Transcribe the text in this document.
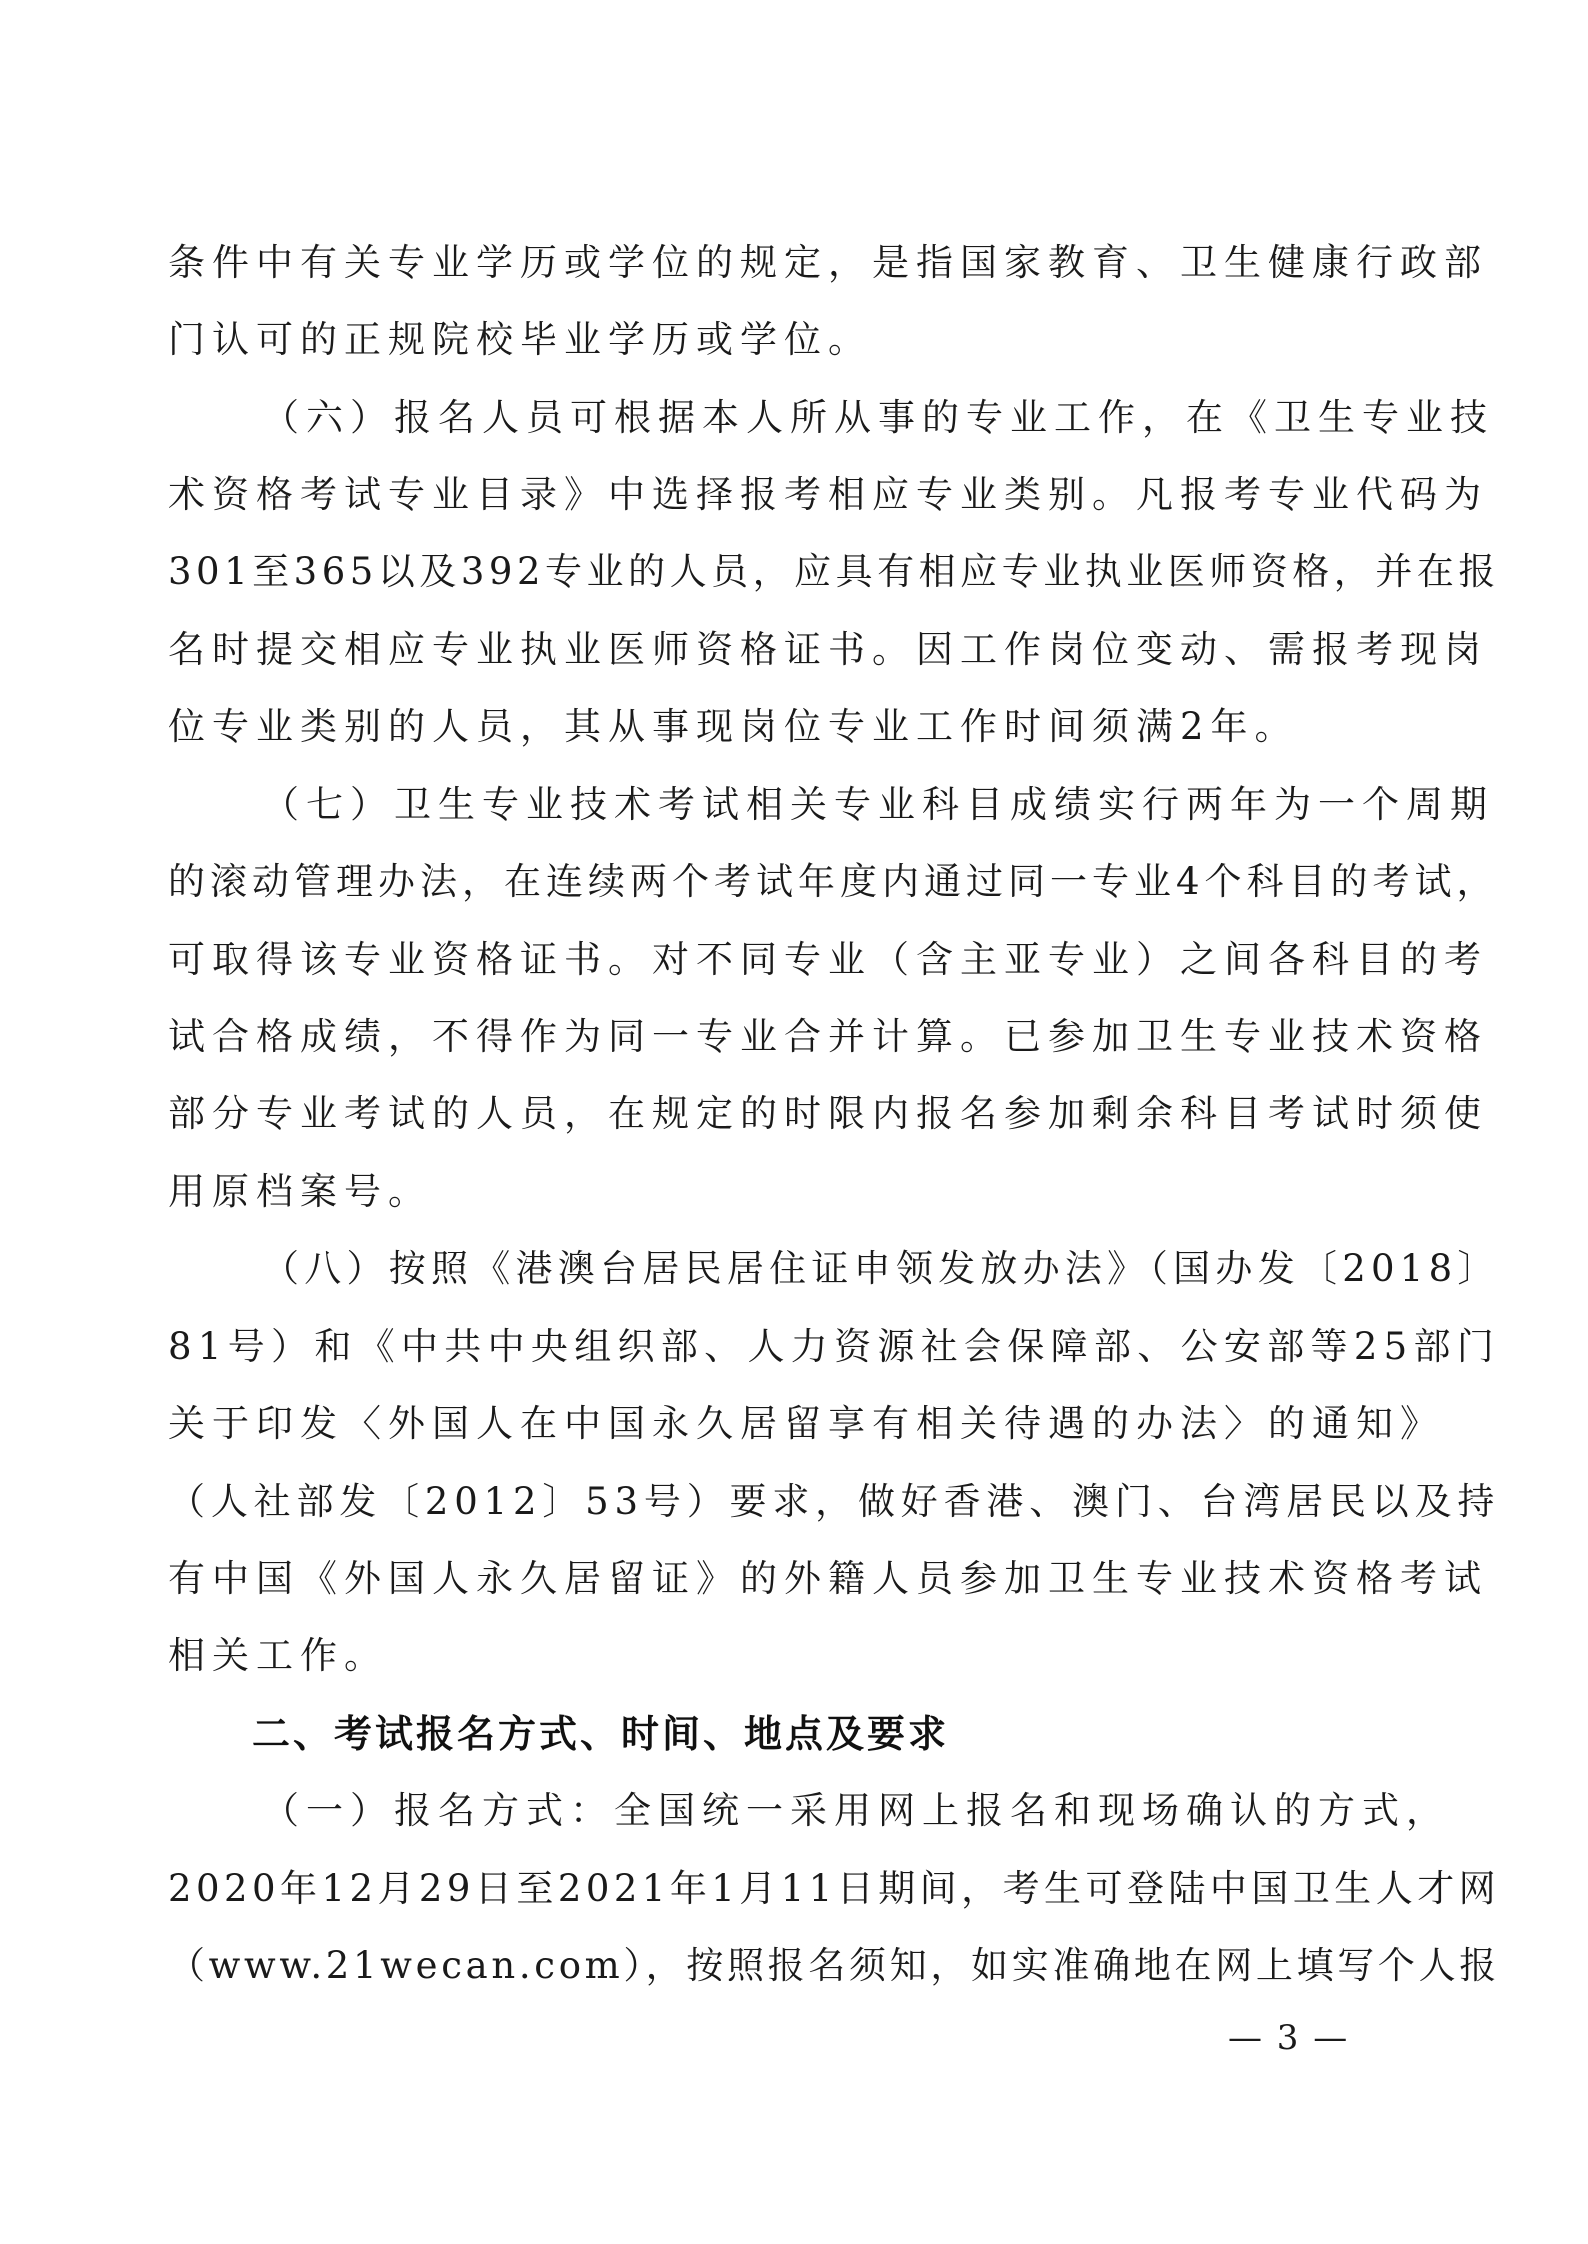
条件中有关专业学历或学位的规定，是指国家教育、卫生健康行政部
门认可的正规院校毕业学历或学位。
（六）报名人员可根据本人所从事的专业工作，在《卫生专业技
术资格考试专业目录》中选择报考相应专业类别。凡报考专业代码为
301至365以及392专业的人员，应具有相应专业执业医师资格，并在报
名时提交相应专业执业医师资格证书。因工作岗位变动、需报考现岗
位专业类别的人员，其从事现岗位专业工作时间须满2年。
（七）卫生专业技术考试相关专业科目成绩实行两年为一个周期
的滚动管理办法，在连续两个考试年度内通过同一专业4个科目的考试，
可取得该专业资格证书。对不同专业（含主亚专业）之间各科目的考
试合格成绩，不得作为同一专业合并计算。已参加卫生专业技术资格
部分专业考试的人员，在规定的时限内报名参加剩余科目考试时须使
用原档案号。
（八）按照《港澳台居民居住证申领发放办法》（国办发〔2018〕
81号）和《中共中央组织部、人力资源社会保障部、公安部等25部门
关于印发〈外国人在中国永久居留享有相关待遇的办法〉的通知》
（人社部发〔2012〕53号）要求，做好香港、澳门、台湾居民以及持
有中国《外国人永久居留证》的外籍人员参加卫生专业技术资格考试
相关工作。
二、考试报名方式、时间、地点及要求
（一）报名方式：全国统一采用网上报名和现场确认的方式，
2020年12月29日至2021年1月11日期间，考生可登陆中国卫生人才网
（www.21wecan.com），按照报名须知，如实准确地在网上填写个人报
— 3 —
